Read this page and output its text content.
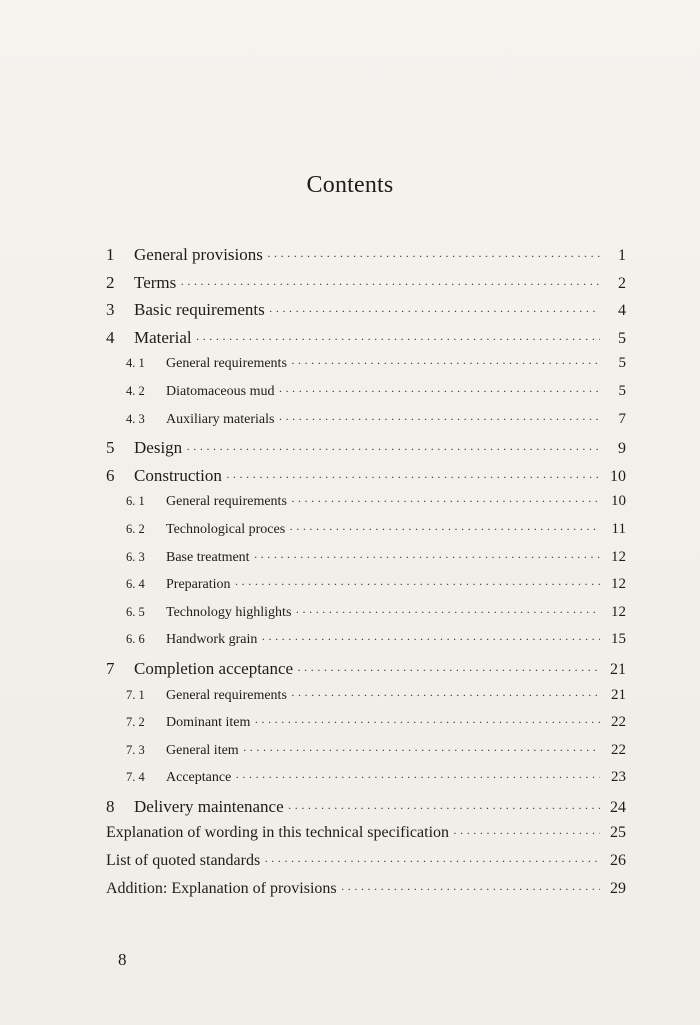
Contents
1	General provisions ·····	1
2	Terms ·····	2
3	Basic requirements ·····	4
4	Material ·····	5
4. 1	General requirements ·····	5
4. 2	Diatomaceous mud ·····	5
4. 3	Auxiliary materials ·····	7
5	Design ·····	9
6	Construction ·····	10
6. 1	General requirements ·····	10
6. 2	Technological proces ·····	11
6. 3	Base treatment ·····	12
6. 4	Preparation ·····	12
6. 5	Technology highlights ·····	12
6. 6	Handwork grain ·····	15
7	Completion acceptance ·····	21
7. 1	General requirements ·····	21
7. 2	Dominant item ·····	22
7. 3	General item ·····	22
7. 4	Acceptance ·····	23
8	Delivery maintenance ·····	24
Explanation of wording in this technical specification ·····	25
List of quoted standards ·····	26
Addition: Explanation of provisions ·····	29
8
